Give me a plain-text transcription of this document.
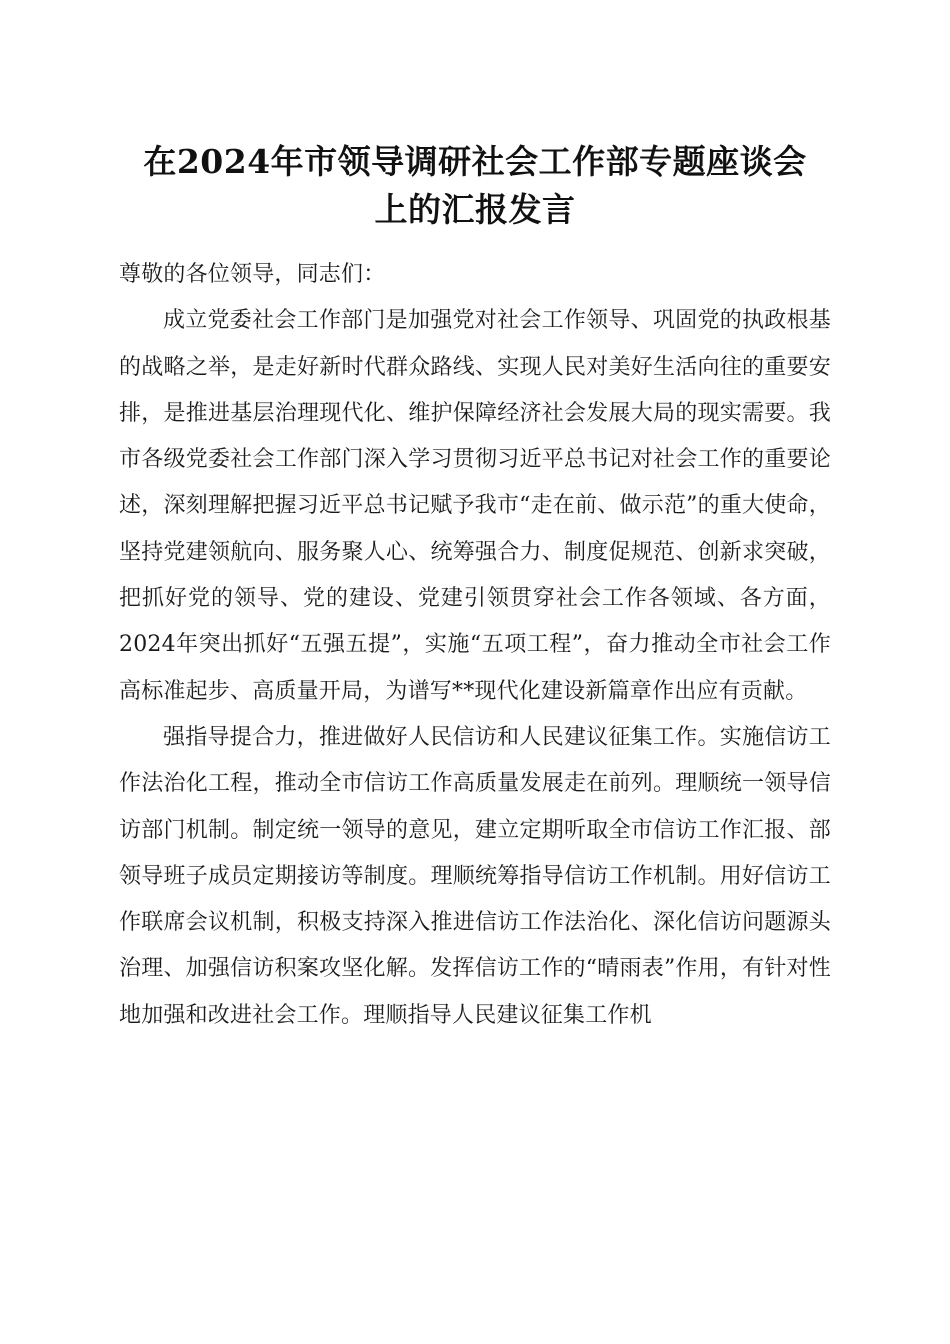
在2024年市领导调研社会工作部专题座谈会
上的汇报发言

尊敬的各位领导，同志们：

成立党委社会工作部门是加强党对社会工作领导、巩固党的执政根基的战略之举，是走好新时代群众路线、实现人民对美好生活向往的重要安排，是推进基层治理现代化、维护保障经济社会发展大局的现实需要。我市各级党委社会工作部门深入学习贯彻习近平总书记对社会工作的重要论述，深刻理解把握习近平总书记赋予我市“走在前、做示范”的重大使命，坚持党建领航向、服务聚人心、统筹强合力、制度促规范、创新求突破，把抓好党的领导、党的建设、党建引领贯穿社会工作各领域、各方面，2024年突出抓好“五强五提”，实施“五项工程”，奋力推动全市社会工作高标准起步、高质量开局，为谱写**现代化建设新篇章作出应有贡献。

强指导提合力，推进做好人民信访和人民建议征集工作。实施信访工作法治化工程，推动全市信访工作高质量发展走在前列。理顺统一领导信访部门机制。制定统一领导的意见，建立定期听取全市信访工作汇报、部领导班子成员定期接访等制度。理顺统筹指导信访工作机制。用好信访工作联席会议机制，积极支持深入推进信访工作法治化、深化信访问题源头治理、加强信访积案攻坚化解。发挥信访工作的“晴雨表”作用，有针对性地加强和改进社会工作。理顺指导人民建议征集工作机
